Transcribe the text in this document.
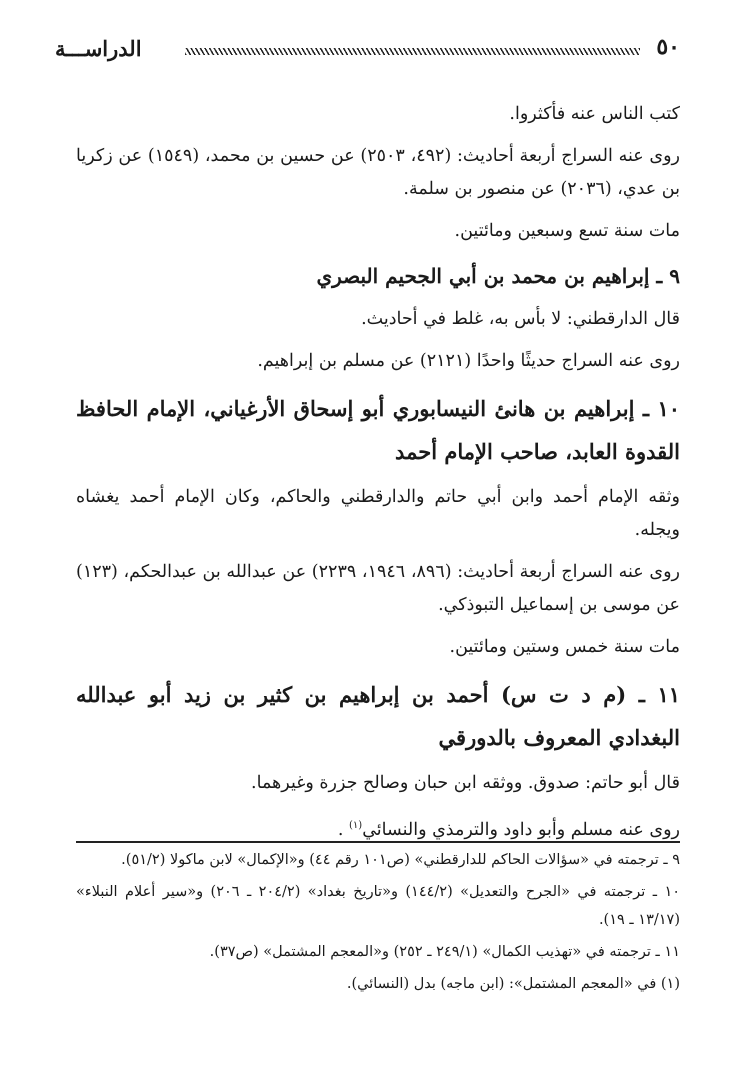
الدراســـة	٥٠

كتب الناس عنه فأكثروا.

روى عنه السراج أربعة أحاديث: (٤٩٢، ٢٥٠٣) عن حسين بن محمد، (١٥٤٩) عن زكريا بن عدي، (٢٠٣٦) عن منصور بن سلمة.

مات سنة تسع وسبعين ومائتين.

٩ ـ إبراهيم بن محمد بن أبي الجحيم البصري

قال الدارقطني: لا بأس به، غلط في أحاديث.

روى عنه السراج حديثًا واحدًا (٢١٢١) عن مسلم بن إبراهيم.

١٠ ـ إبراهيم بن هانئ النيسابوري أبو إسحاق الأرغياني، الإمام الحافظ القدوة العابد، صاحب الإمام أحمد

وثقه الإمام أحمد وابن أبي حاتم والدارقطني والحاكم، وكان الإمام أحمد يغشاه ويجله.

روى عنه السراج أربعة أحاديث: (٨٩٦، ١٩٤٦، ٢٢٣٩) عن عبدالله بن عبدالحكم، (١٢٣) عن موسى بن إسماعيل التبوذكي.

مات سنة خمس وستين ومائتين.

١١ ـ (م د ت س) أحمد بن إبراهيم بن كثير بن زيد أبو عبدالله البغدادي المعروف بالدورقي

قال أبو حاتم: صدوق. ووثقه ابن حبان وصالح جزرة وغيرهما.

روى عنه مسلم وأبو داود والترمذي والنسائي$^{(١)}$ .

٩ ـ ترجمته في «سؤالات الحاكم للدارقطني» (ص١٠١ رقم ٤٤) و«الإكمال» لابن ماكولا (٥١/٢).

١٠ ـ ترجمته في «الجرح والتعديل» (١٤٤/٢) و«تاريخ بغداد» (٢٠٤/٢ ـ ٢٠٦) و«سير أعلام النبلاء» (١٣/١٧ ـ ١٩).

١١ ـ ترجمته في «تهذيب الكمال» (٢٤٩/١ ـ ٢٥٢) و«المعجم المشتمل» (ص٣٧).

(١) في «المعجم المشتمل»: (ابن ماجه) بدل (النسائي).
